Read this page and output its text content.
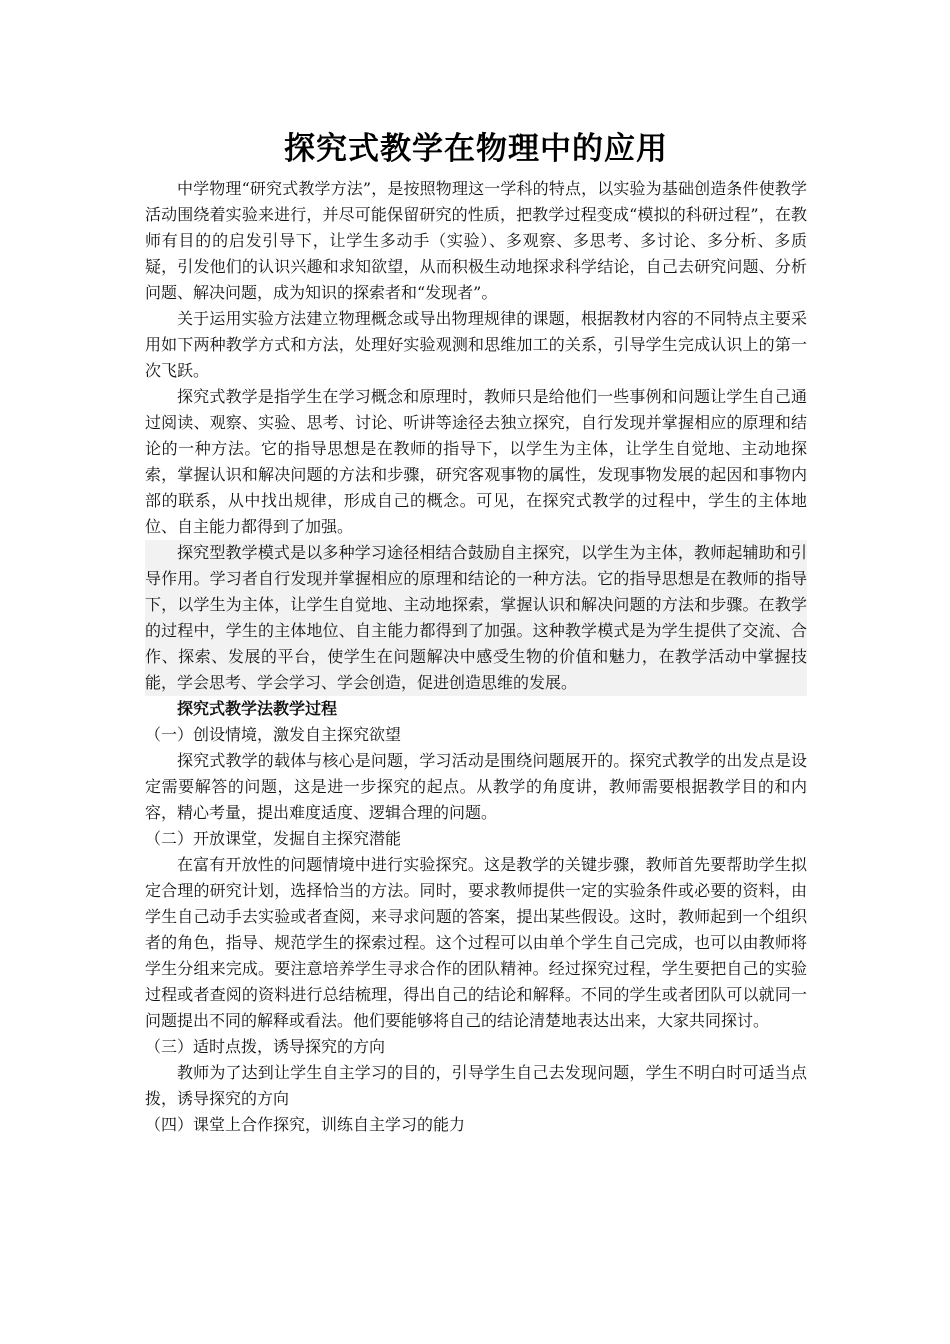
探究式教学在物理中的应用

中学物理“研究式教学方法”，是按照物理这一学科的特点，以实验为基础创造条件使教学活动围绕着实验来进行，并尽可能保留研究的性质，把教学过程变成“模拟的科研过程”，在教师有目的的启发引导下，让学生多动手（实验）、多观察、多思考、多讨论、多分析、多质疑，引发他们的认识兴趣和求知欲望，从而积极生动地探求科学结论，自己去研究问题、分析问题、解决问题，成为知识的探索者和“发现者”。

关于运用实验方法建立物理概念或导出物理规律的课题，根据教材内容的不同特点主要采用如下两种教学方式和方法，处理好实验观测和思维加工的关系，引导学生完成认识上的第一次飞跃。

探究式教学是指学生在学习概念和原理时，教师只是给他们一些事例和问题让学生自己通过阅读、观察、实验、思考、讨论、听讲等途径去独立探究，自行发现并掌握相应的原理和结论的一种方法。它的指导思想是在教师的指导下，以学生为主体，让学生自觉地、主动地探索，掌握认识和解决问题的方法和步骤，研究客观事物的属性，发现事物发展的起因和事物内部的联系，从中找出规律，形成自己的概念。可见，在探究式教学的过程中，学生的主体地位、自主能力都得到了加强。

探究型教学模式是以多种学习途径相结合鼓励自主探究，以学生为主体，教师起辅助和引导作用。学习者自行发现并掌握相应的原理和结论的一种方法。它的指导思想是在教师的指导下，以学生为主体，让学生自觉地、主动地探索，掌握认识和解决问题的方法和步骤。在教学的过程中，学生的主体地位、自主能力都得到了加强。这种教学模式是为学生提供了交流、合作、探索、发展的平台，使学生在问题解决中感受生物的价值和魅力，在教学活动中掌握技能，学会思考、学会学习、学会创造，促进创造思维的发展。

探究式教学法教学过程

（一）创设情境，激发自主探究欲望

探究式教学的载体与核心是问题，学习活动是围绕问题展开的。探究式教学的出发点是设定需要解答的问题，这是进一步探究的起点。从教学的角度讲，教师需要根据教学目的和内容，精心考量，提出难度适度、逻辑合理的问题。

（二）开放课堂，发掘自主探究潜能

在富有开放性的问题情境中进行实验探究。这是教学的关键步骤，教师首先要帮助学生拟定合理的研究计划，选择恰当的方法。同时，要求教师提供一定的实验条件或必要的资料，由学生自己动手去实验或者查阅，来寻求问题的答案，提出某些假设。这时，教师起到一个组织者的角色，指导、规范学生的探索过程。这个过程可以由单个学生自己完成，也可以由教师将学生分组来完成。要注意培养学生寻求合作的团队精神。经过探究过程，学生要把自己的实验过程或者查阅的资料进行总结梳理，得出自己的结论和解释。不同的学生或者团队可以就同一问题提出不同的解释或看法。他们要能够将自己的结论清楚地表达出来，大家共同探讨。

（三）适时点拨，诱导探究的方向

教师为了达到让学生自主学习的目的，引导学生自己去发现问题，学生不明白时可适当点拨，诱导探究的方向

（四）课堂上合作探究，训练自主学习的能力
